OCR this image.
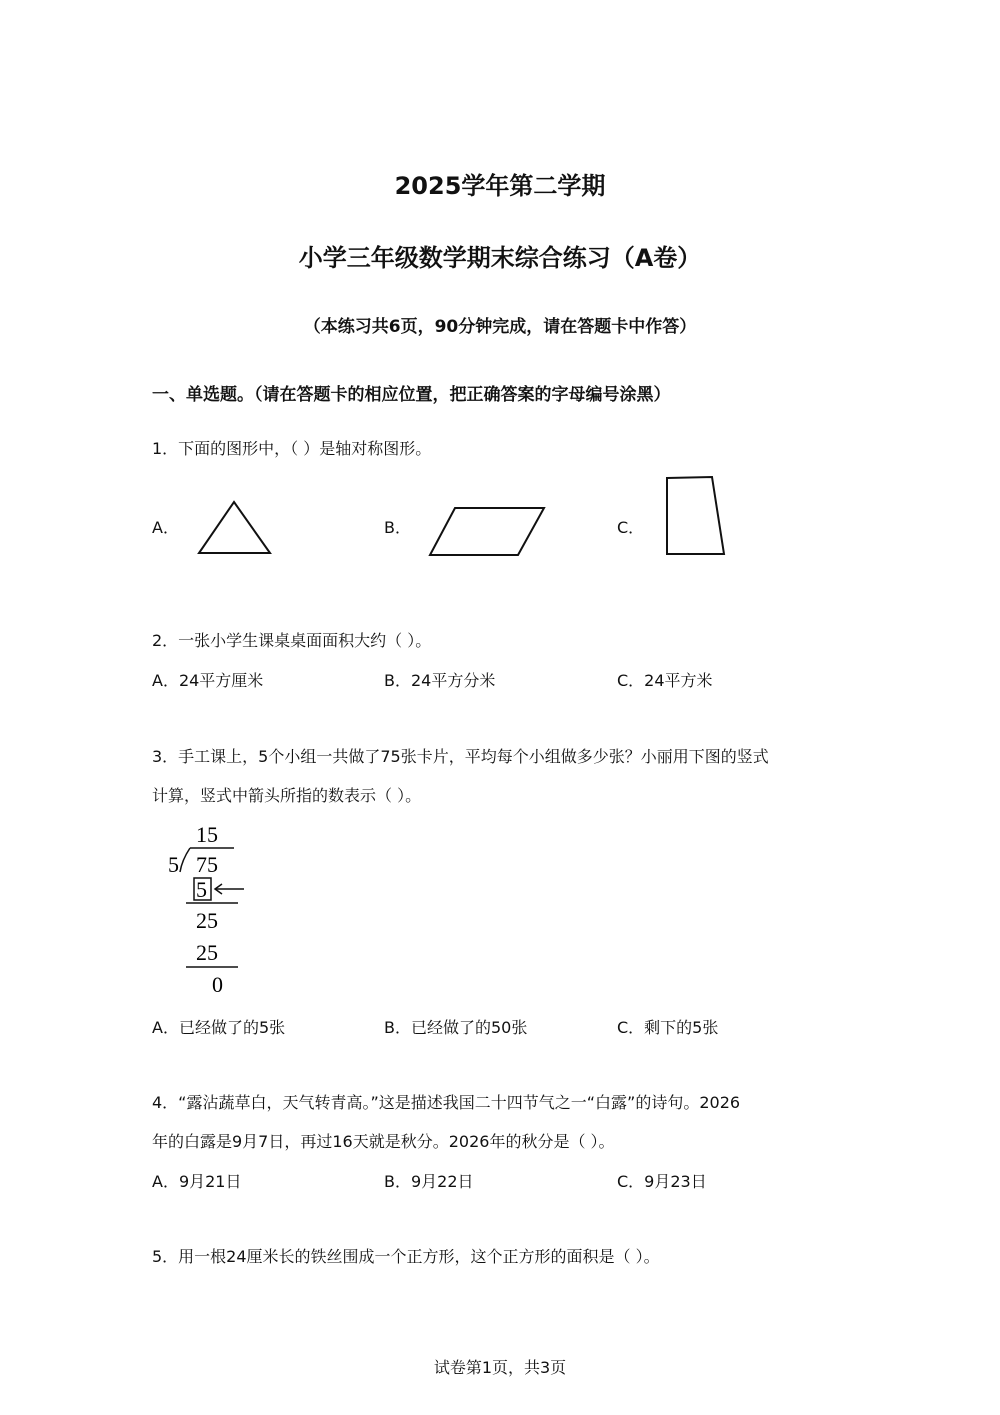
2025学年第二学期
小学三年级数学期末综合练习（A卷）
（本练习共6页，90分钟完成，请在答题卡中作答）
一、单选题。（请在答题卡的相应位置，把正确答案的字母编号涂黑）
1．下面的图形中，（ ）是轴对称图形。
A．	B．	C．
2．一张小学生课桌桌面面积大约（ ）。
A．24平方厘米	B．24平方分米	C．24平方米
3．手工课上，5个小组一共做了75张卡片，平均每个小组做多少张？小丽用下图的竖式
计算，竖式中箭头所指的数表示（ ）。
15
5 75
5
25
25
0
A．已经做了的5张	B．已经做了的50张	C．剩下的5张
4．“露沾蔬草白，天气转青高。”这是描述我国二十四节气之一“白露”的诗句。2026
年的白露是9月7日，再过16天就是秋分。2026年的秋分是（ ）。
A．9月21日	B．9月22日	C．9月23日
5．用一根24厘米长的铁丝围成一个正方形，这个正方形的面积是（ ）。
试卷第1页，共3页
